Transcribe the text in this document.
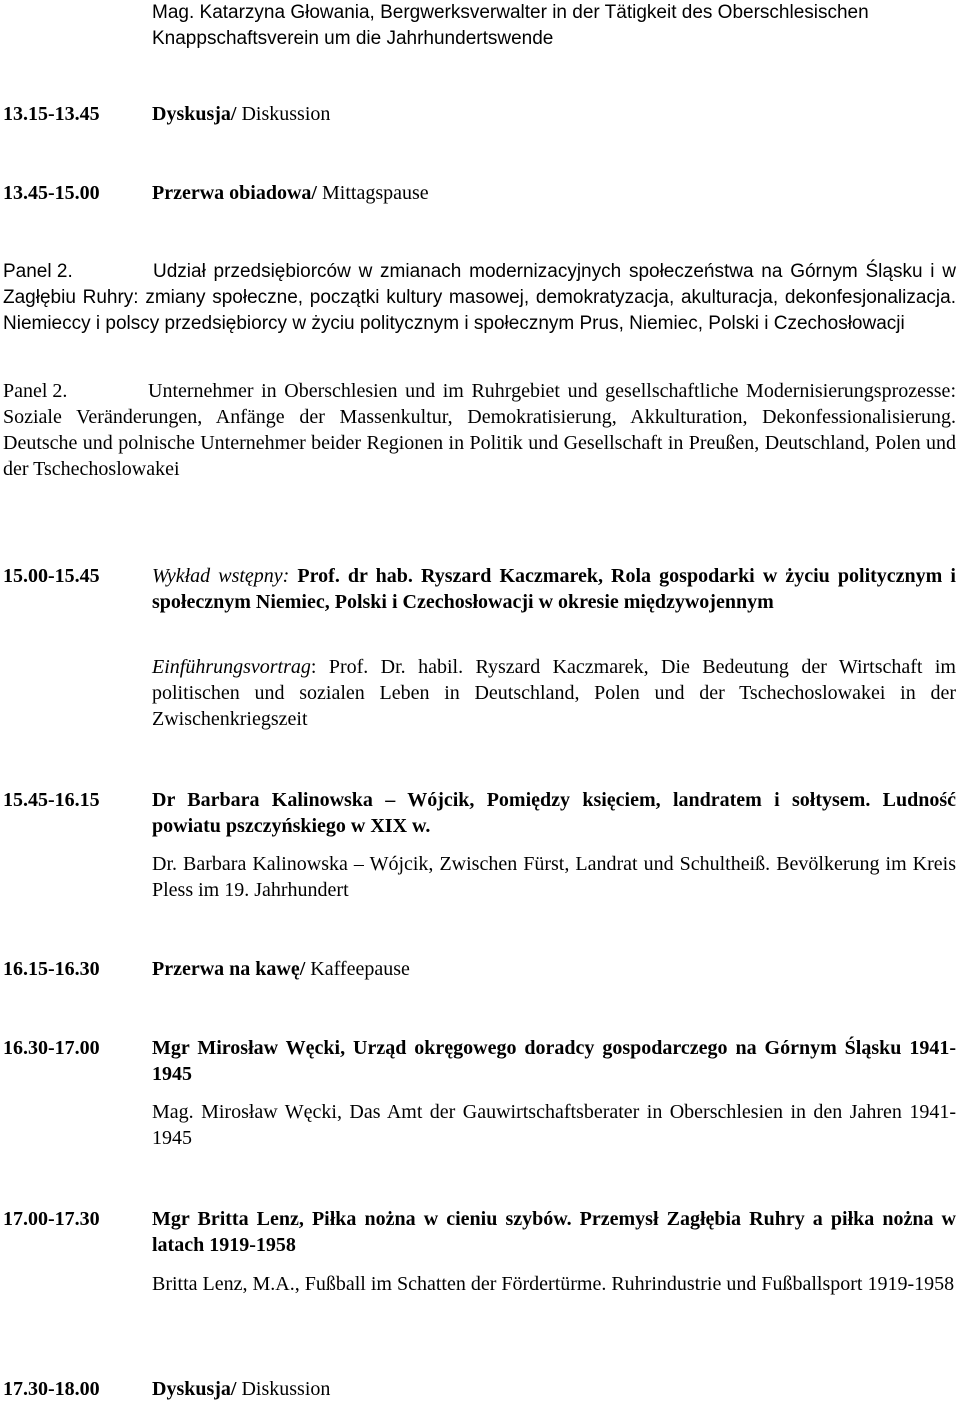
Mag. Katarzyna Głowania, Bergwerksverwalter in der Tätigkeit des Oberschlesischen
Knappschaftsverein um die Jahrhundertswende
13.15-13.45	Dyskusja/ Diskussion
13.45-15.00	Przerwa obiadowa/ Mittagspause
Panel 2.	Udział przedsiębiorców w zmianach modernizacyjnych społeczeństwa na Górnym Śląsku i w Zagłębiu Ruhry: zmiany społeczne, początki kultury masowej, demokratyzacja, akulturacja, dekonfesjonalizacja. Niemieccy i polscy przedsiębiorcy w życiu politycznym i społecznym Prus, Niemiec, Polski i Czechosłowacji
Panel 2.	Unternehmer in Oberschlesien und im Ruhrgebiet und gesellschaftliche Modernisierungsprozesse: Soziale Veränderungen, Anfänge der Massenkultur, Demokratisierung, Akkulturation, Dekonfessionalisierung. Deutsche und polnische Unternehmer beider Regionen in Politik und Gesellschaft in Preußen, Deutschland, Polen und der Tschechoslowakei
15.00-15.45	Wykład wstępny: Prof. dr hab. Ryszard Kaczmarek, Rola gospodarki w życiu politycznym i społecznym Niemiec, Polski i Czechosłowacji w okresie międzywojennym
Einführungsvortrag: Prof. Dr. habil. Ryszard Kaczmarek, Die Bedeutung der Wirtschaft im politischen und sozialen Leben in Deutschland, Polen und der Tschechoslowakei in der Zwischenkriegszeit
15.45-16.15	Dr Barbara Kalinowska – Wójcik, Pomiędzy księciem, landratem i sołtysem. Ludność powiatu pszczyńskiego w XIX w.
Dr. Barbara Kalinowska – Wójcik, Zwischen Fürst, Landrat und Schultheiß. Bevölkerung im Kreis Pless im 19. Jahrhundert
16.15-16.30	Przerwa na kawę/ Kaffeepause
16.30-17.00	Mgr Mirosław Węcki, Urząd okręgowego doradcy gospodarczego na Górnym Śląsku 1941-1945
Mag. Mirosław Węcki, Das Amt der Gauwirtschaftsberater in Oberschlesien in den Jahren 1941-1945
17.00-17.30	Mgr Britta Lenz, Piłka nożna w cieniu szybów. Przemysł Zagłębia Ruhry a piłka nożna w latach 1919-1958
Britta Lenz, M.A., Fußball im Schatten der Fördertürme. Ruhrindustrie und Fußballsport 1919-1958
17.30-18.00	Dyskusja/ Diskussion
